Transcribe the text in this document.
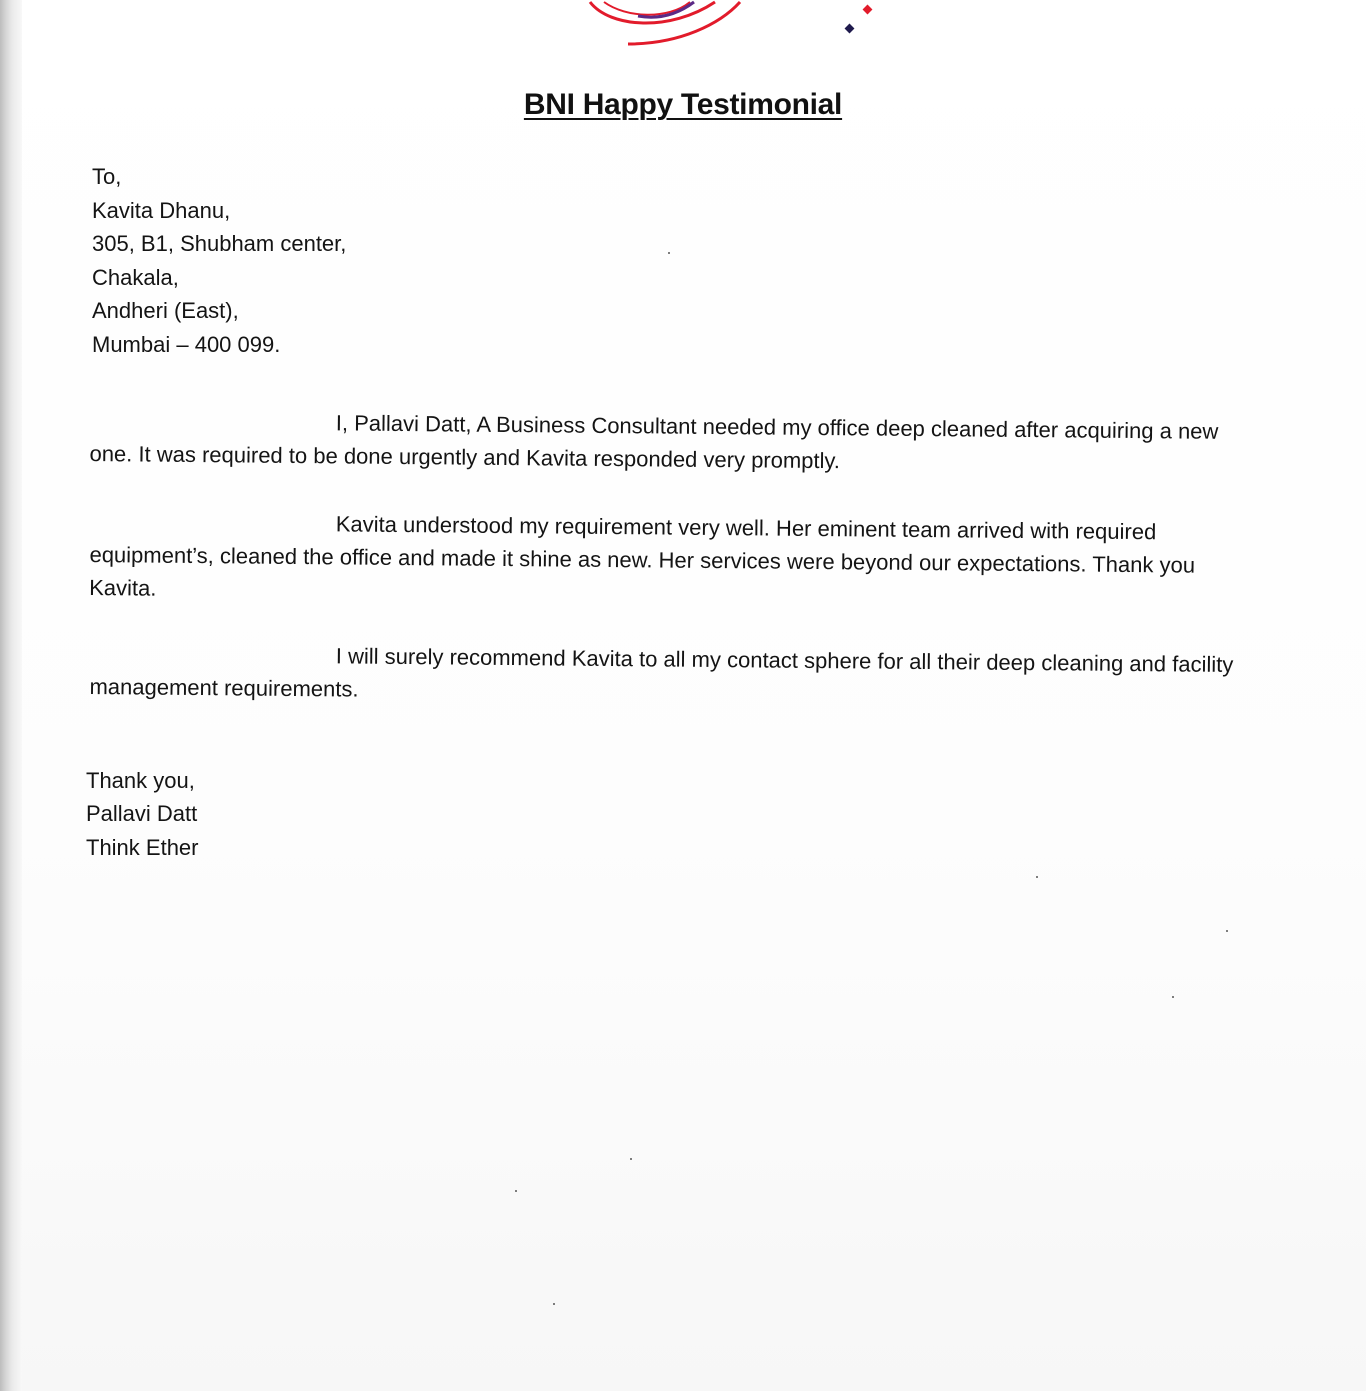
BNI Happy Testimonial
To,
Kavita Dhanu,
305, B1, Shubham center,
Chakala,
Andheri (East),
Mumbai – 400 099.

I, Pallavi Datt, A Business Consultant needed my office deep cleaned after acquiring a new one. It was required to be done urgently and Kavita responded very promptly.

Kavita understood my requirement very well. Her eminent team arrived with required equipment’s, cleaned the office and made it shine as new. Her services were beyond our expectations. Thank you Kavita.

I will surely recommend Kavita to all my contact sphere for all their deep cleaning and facility management requirements.

Thank you,
Pallavi Datt
Think Ether
